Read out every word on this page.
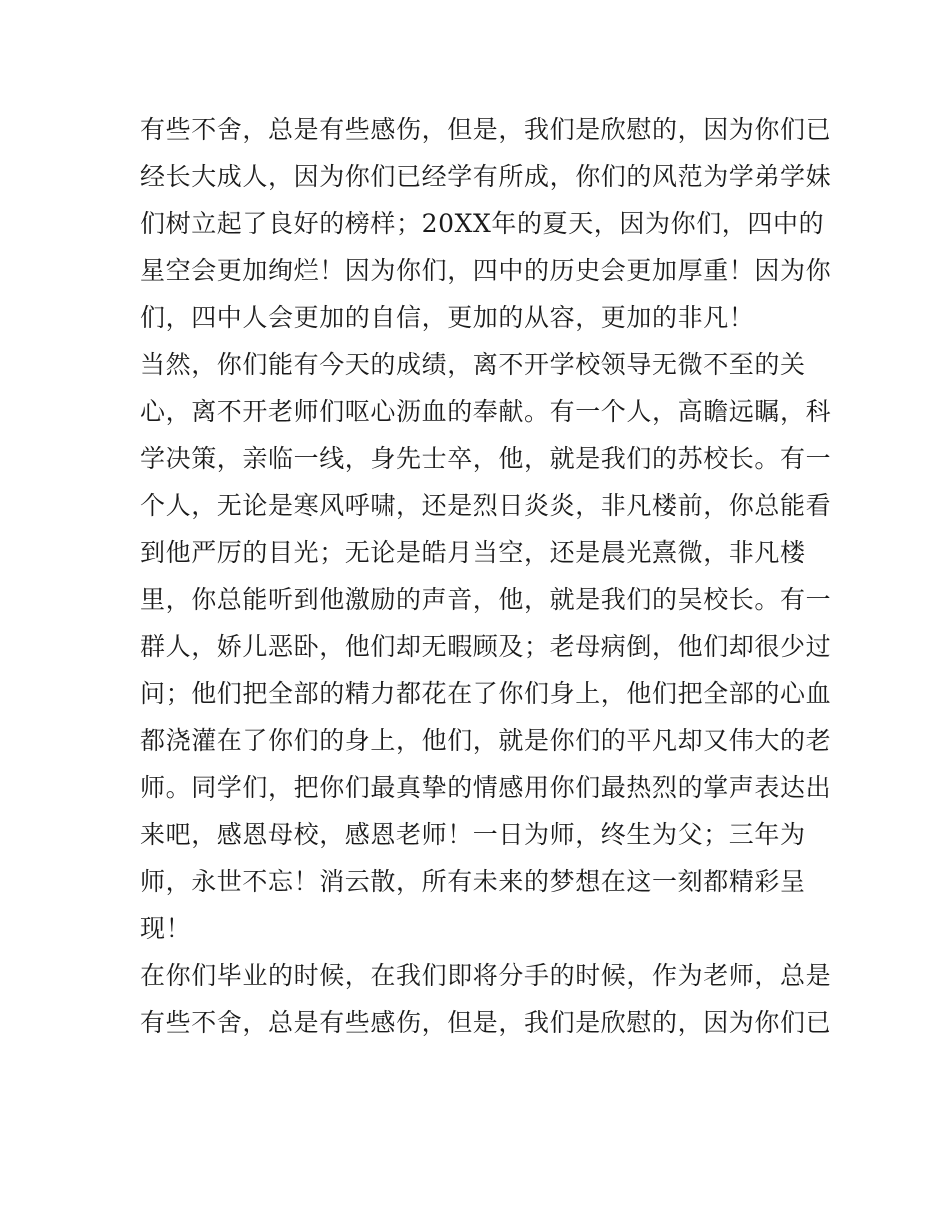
有些不舍，总是有些感伤，但是，我们是欣慰的，因为你们已
经长大成人，因为你们已经学有所成，你们的风范为学弟学妹
们树立起了良好的榜样；20XX年的夏天，因为你们，四中的
星空会更加绚烂！因为你们，四中的历史会更加厚重！因为你
们，四中人会更加的自信，更加的从容，更加的非凡！
当然，你们能有今天的成绩，离不开学校领导无微不至的关
心，离不开老师们呕心沥血的奉献。有一个人，高瞻远瞩，科
学决策，亲临一线，身先士卒，他，就是我们的苏校长。有一
个人，无论是寒风呼啸，还是烈日炎炎，非凡楼前，你总能看
到他严厉的目光；无论是皓月当空，还是晨光熹微，非凡楼
里，你总能听到他激励的声音，他，就是我们的吴校长。有一
群人，娇儿恶卧，他们却无暇顾及；老母病倒，他们却很少过
问；他们把全部的精力都花在了你们身上，他们把全部的心血
都浇灌在了你们的身上，他们，就是你们的平凡却又伟大的老
师。同学们，把你们最真挚的情感用你们最热烈的掌声表达出
来吧，感恩母校，感恩老师！一日为师，终生为父；三年为
师，永世不忘！消云散，所有未来的梦想在这一刻都精彩呈
现！
在你们毕业的时候，在我们即将分手的时候，作为老师，总是
有些不舍，总是有些感伤，但是，我们是欣慰的，因为你们已
